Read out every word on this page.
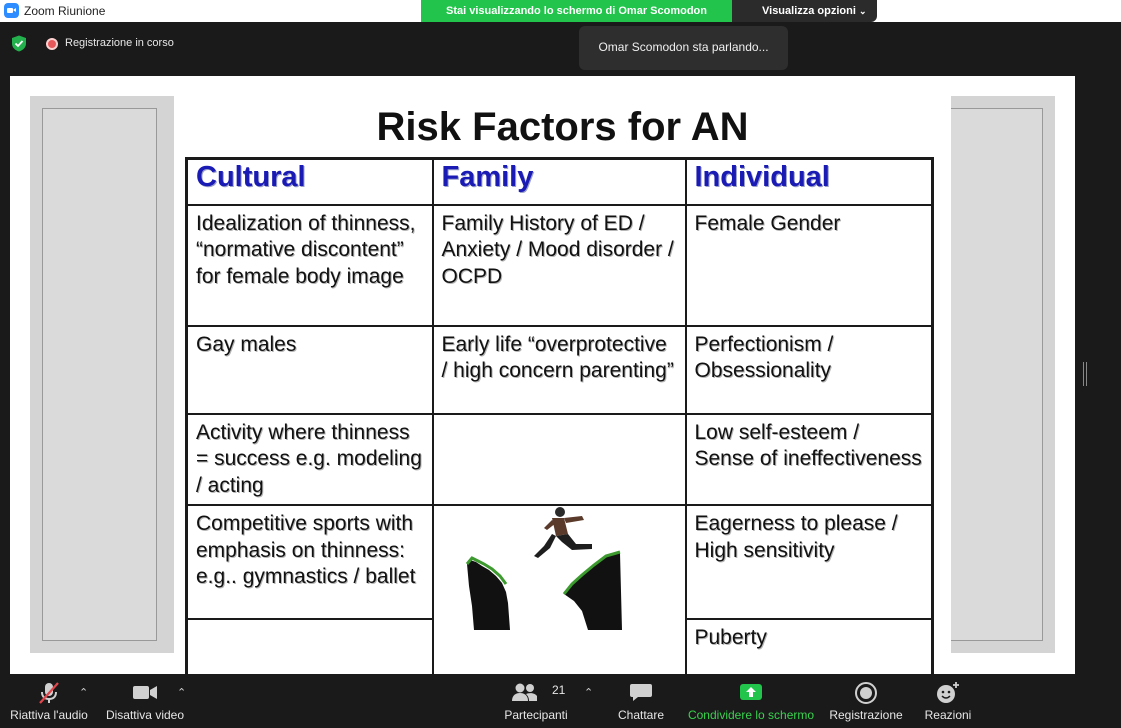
Zoom Riunione	Stai visualizzando lo schermo di Omar Scomodon	Visualizza opzioni ⌄
Registrazione in corso	Omar Scomodon sta parlando...
Risk Factors for AN
Cultural	Family	Individual
Idealization of thinness, “normative discontent” for female body image	Family History of ED / Anxiety / Mood disorder / OCPD	Female Gender
Gay males	Early life “overprotective / high concern parenting”	Perfectionism / Obsessionality
Activity where thinness = success e.g. modeling / acting		Low self-esteem / Sense of ineffectiveness
Competitive sports with emphasis on thinness: e.g.. gymnastics / ballet		Eagerness to please / High sensitivity
		Puberty
Riattiva l'audio
⌃
Disattiva video
⌃
Partecipanti
21 ⌃
Chattare	Condividere lo schermo Registrazione	Reazioni
